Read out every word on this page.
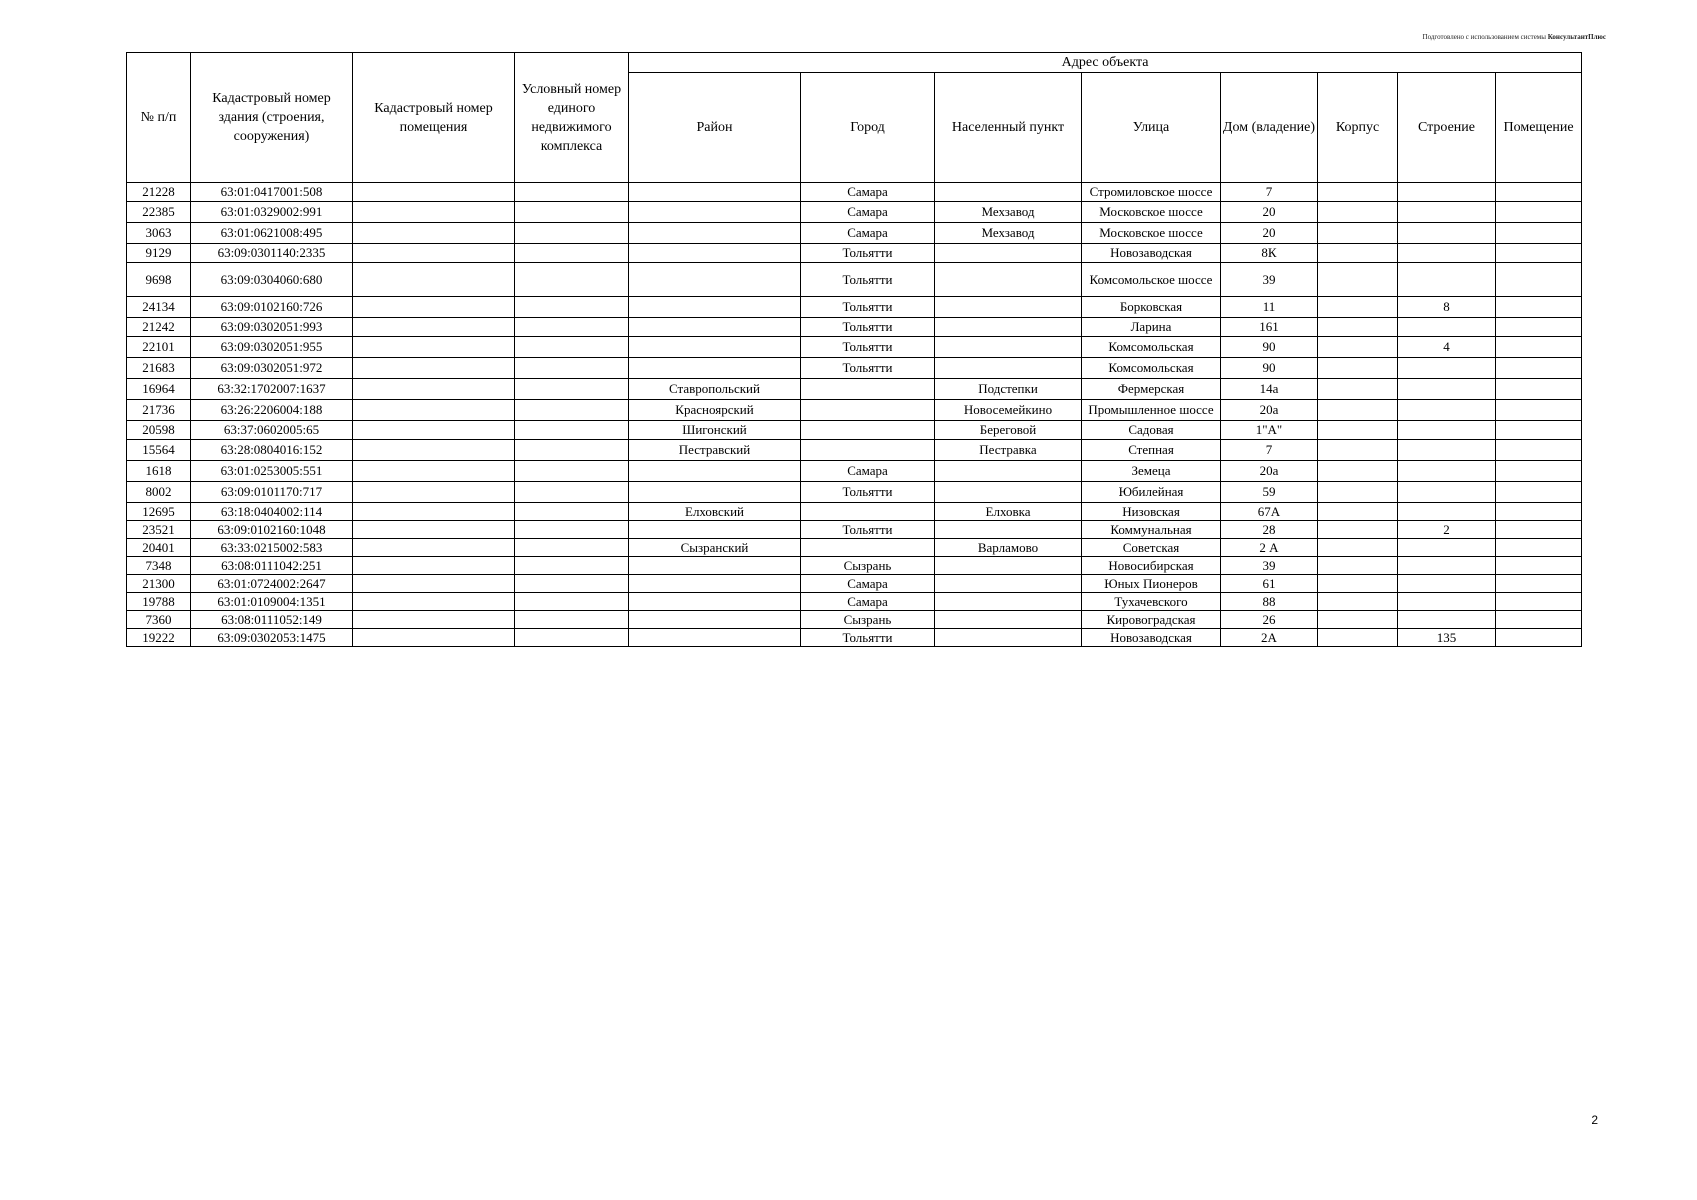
Подготовлено с использованием системы КонсультантПлюс
№ п/п	Кадастровый номер здания (строения, сооружения)	Кадастровый номер помещения	Условный номер единого недвижимого комплекса	Адрес объекта							
				Район	Город	Населенный пункт	Улица	Дом (владение)	Корпус	Строение	Помещение
21228	63:01:0417001:508				Самара		Стромиловское шоссе	7			
22385	63:01:0329002:991				Самара	Мехзавод	Московское шоссе	20			
3063	63:01:0621008:495				Самара	Мехзавод	Московское шоссе	20			
9129	63:09:0301140:2335				Тольятти		Новозаводская	8К			
9698	63:09:0304060:680				Тольятти		Комсомольское шоссе	39			
24134	63:09:0102160:726				Тольятти		Борковская	11		8	
21242	63:09:0302051:993				Тольятти		Ларина	161			
22101	63:09:0302051:955				Тольятти		Комсомольская	90		4	
21683	63:09:0302051:972				Тольятти		Комсомольская	90			
16964	63:32:1702007:1637			Ставропольский		Подстепки	Фермерская	14а			
21736	63:26:2206004:188			Красноярский		Новосемейкино	Промышленное шоссе	20а			
20598	63:37:0602005:65			Шигонский		Береговой	Садовая	1"А"			
15564	63:28:0804016:152			Пестравский		Пестравка	Степная	7			
1618	63:01:0253005:551				Самара		Земеца	20а			
8002	63:09:0101170:717				Тольятти		Юбилейная	59			
12695	63:18:0404002:114			Елховский		Елховка	Низовская	67А			
23521	63:09:0102160:1048				Тольятти		Коммунальная	28		2	
20401	63:33:0215002:583			Сызранский		Варламово	Советская	2 А			
7348	63:08:0111042:251				Сызрань		Новосибирская	39			
21300	63:01:0724002:2647				Самара		Юных Пионеров	61			
19788	63:01:0109004:1351				Самара		Тухачевского	88			
7360	63:08:0111052:149				Сызрань		Кировоградская	26			
19222	63:09:0302053:1475				Тольятти		Новозаводская	2А		135	
2
